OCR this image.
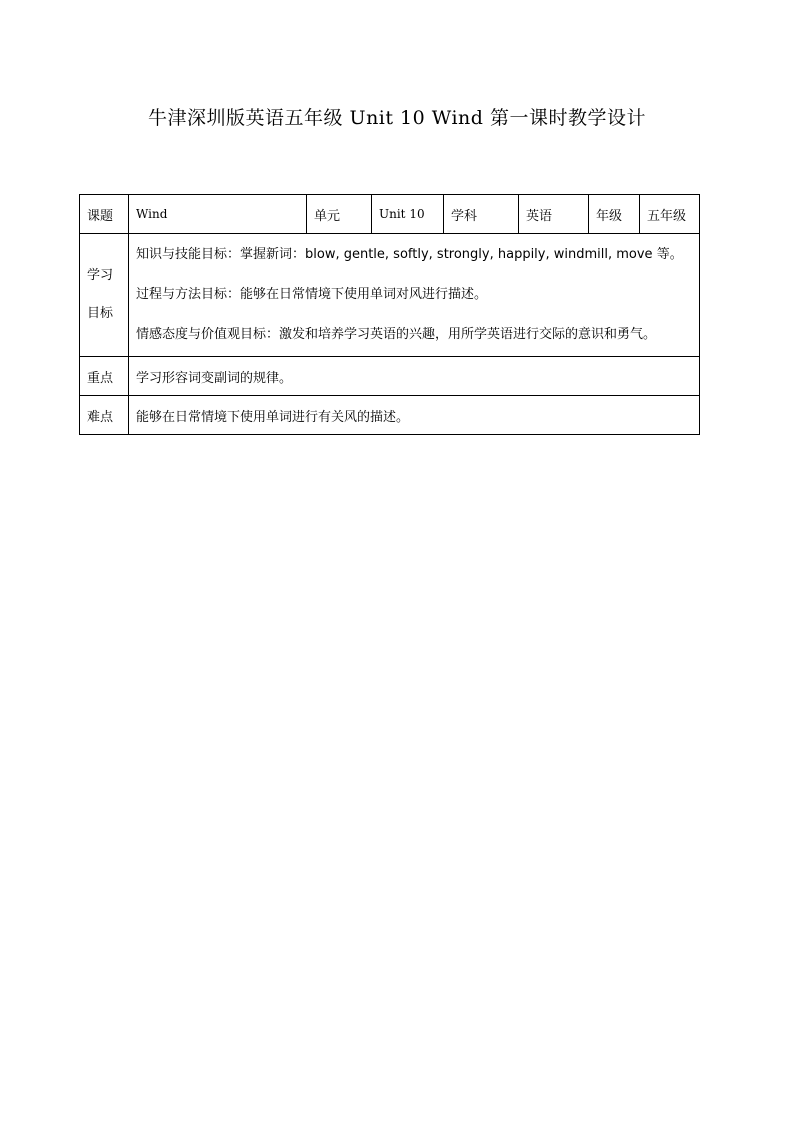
牛津深圳版英语五年级 Unit 10 Wind 第一课时教学设计
课题	Wind	单元	Unit 10	学科	英语	年级	五年级

学习
目标	知识与技能目标：掌握新词：blow, gentle, softly, strongly, happily, windmill, move 等。
过程与方法目标：能够在日常情境下使用单词对风进行描述。
情感态度与价值观目标：激发和培养学习英语的兴趣，用所学英语进行交际的意识和勇气。						

重点	学习形容词变副词的规律。						
难点	能够在日常情境下使用单词进行有关风的描述。						
